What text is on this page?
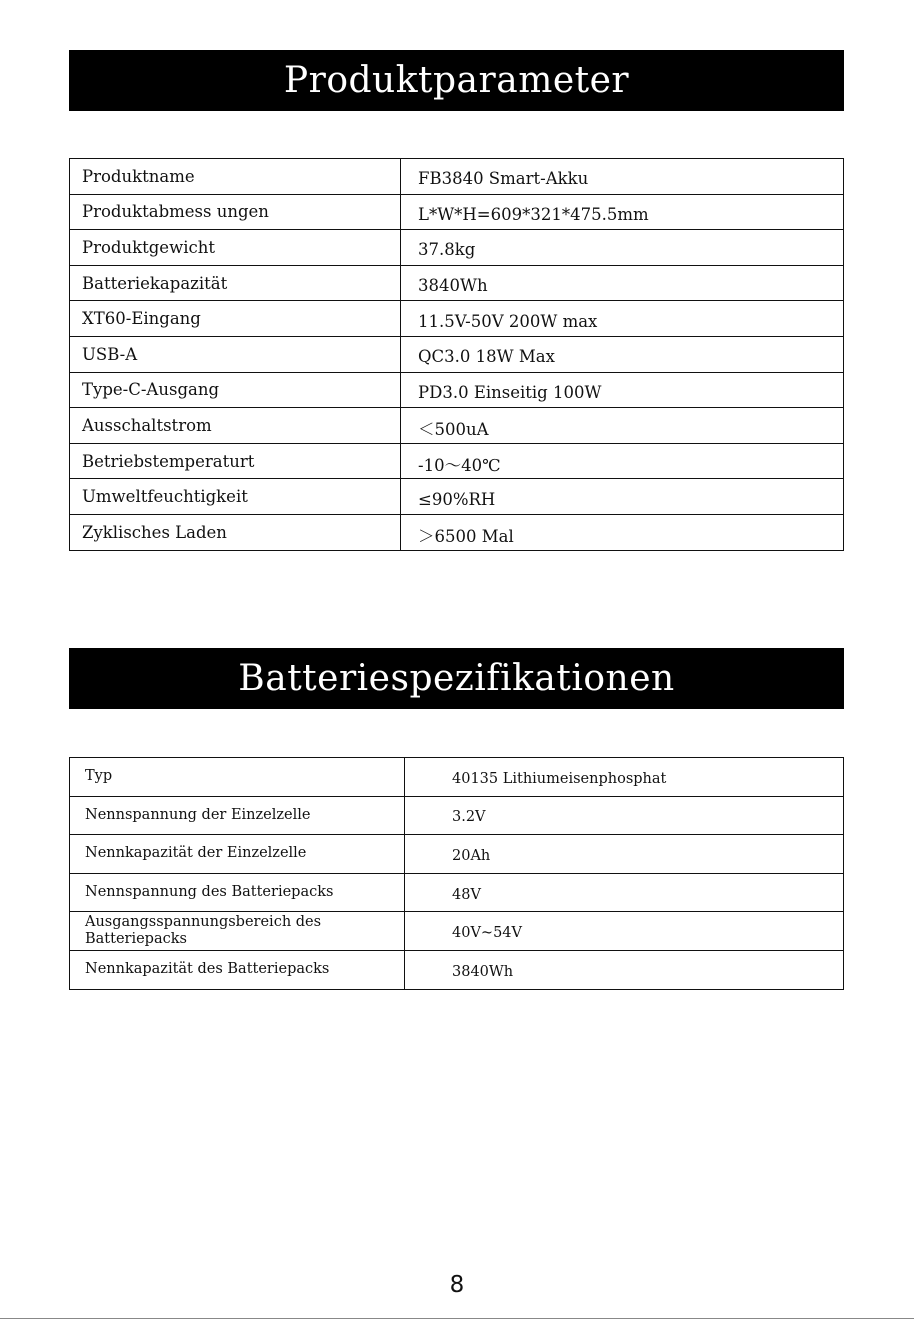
Produktparameter
Produktname	FB3840 Smart-Akku
Produktabmess ungen	L*W*H=609*321*475.5mm
Produktgewicht	37.8kg
Batteriekapazität	3840Wh
XT60-Eingang	11.5V-50V 200W max
USB-A	QC3.0 18W Max
Type-C-Ausgang	PD3.0 Einseitig 100W
Ausschaltstrom	＜500uA
Betriebstemperaturt	-10～40℃
Umweltfeuchtigkeit	≤90%RH
Zyklisches Laden	＞6500 Mal
Batteriespezifikationen
Typ	40135 Lithiumeisenphosphat
Nennspannung der Einzelzelle	3.2V
Nennkapazität der Einzelzelle	20Ah
Nennspannung des Batteriepacks	48V
Ausgangsspannungsbereich des Batteriepacks	40V~54V
Nennkapazität des Batteriepacks	3840Wh
8
